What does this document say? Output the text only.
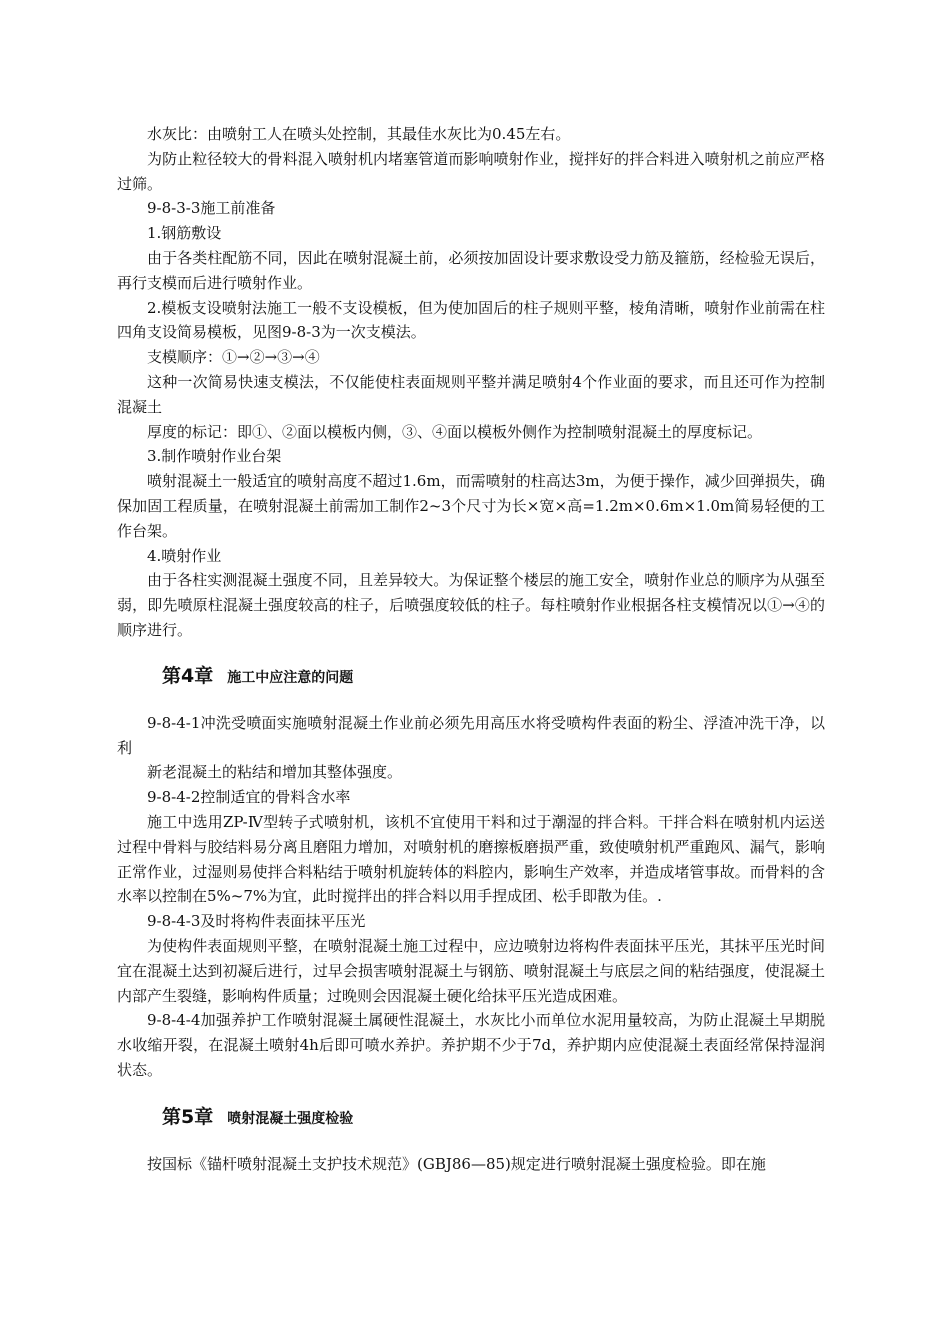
水灰比：由喷射工人在喷头处控制，其最佳水灰比为0.45左右。

为防止粒径较大的骨料混入喷射机内堵塞管道而影响喷射作业，搅拌好的拌合料进入喷射机之前应严格过筛。

9-8-3-3施工前准备

1.钢筋敷设

由于各类柱配筋不同，因此在喷射混凝土前，必须按加固设计要求敷设受力筋及箍筋，经检验无误后，再行支模而后进行喷射作业。

2.模板支设喷射法施工一般不支设模板，但为使加固后的柱子规则平整，棱角清晰，喷射作业前需在柱四角支设简易模板，见图9-8-3为一次支模法。

支模顺序：①→②→③→④

这种一次简易快速支模法，不仅能使柱表面规则平整并满足喷射4个作业面的要求，而且还可作为控制混凝土

厚度的标记：即①、②面以模板内侧，③、④面以模板外侧作为控制喷射混凝土的厚度标记。

3.制作喷射作业台架

喷射混凝土一般适宜的喷射高度不超过1.6m，而需喷射的柱高达3m，为便于操作，减少回弹损失，确保加固工程质量，在喷射混凝土前需加工制作2~3个尺寸为长×宽×高=1.2m×0.6m×1.0m简易轻便的工作台架。

4.喷射作业

由于各柱实测混凝土强度不同，且差异较大。为保证整个楼层的施工安全，喷射作业总的顺序为从强至弱，即先喷原柱混凝土强度较高的柱子，后喷强度较低的柱子。每柱喷射作业根据各柱支模情况以①→④的顺序进行。

第4章 施工中应注意的问题

9-8-4-1冲洗受喷面实施喷射混凝土作业前必须先用高压水将受喷构件表面的粉尘、浮渣冲洗干净，以利

新老混凝土的粘结和增加其整体强度。

9-8-4-2控制适宜的骨料含水率

施工中选用ZP-Ⅳ型转子式喷射机，该机不宜使用干料和过于潮湿的拌合料。干拌合料在喷射机内运送过程中骨料与胶结料易分离且磨阻力增加，对喷射机的磨擦板磨损严重，致使喷射机严重跑风、漏气，影响正常作业，过湿则易使拌合料粘结于喷射机旋转体的料腔内，影响生产效率，并造成堵管事故。而骨料的含水率以控制在5%~7%为宜，此时搅拌出的拌合料以用手捏成团、松手即散为佳。.

9-8-4-3及时将构件表面抹平压光

为使构件表面规则平整，在喷射混凝土施工过程中，应边喷射边将构件表面抹平压光，其抹平压光时间宜在混凝土达到初凝后进行，过早会损害喷射混凝土与钢筋、喷射混凝土与底层之间的粘结强度，使混凝土内部产生裂缝，影响构件质量；过晚则会因混凝土硬化给抹平压光造成困难。

9-8-4-4加强养护工作喷射混凝土属硬性混凝土，水灰比小而单位水泥用量较高，为防止混凝土早期脱水收缩开裂，在混凝土喷射4h后即可喷水养护。养护期不少于7d，养护期内应使混凝土表面经常保持湿润状态。

第5章 喷射混凝土强度检验

按国标《锚杆喷射混凝土支护技术规范》(GBJ86—85)规定进行喷射混凝土强度检验。即在施
